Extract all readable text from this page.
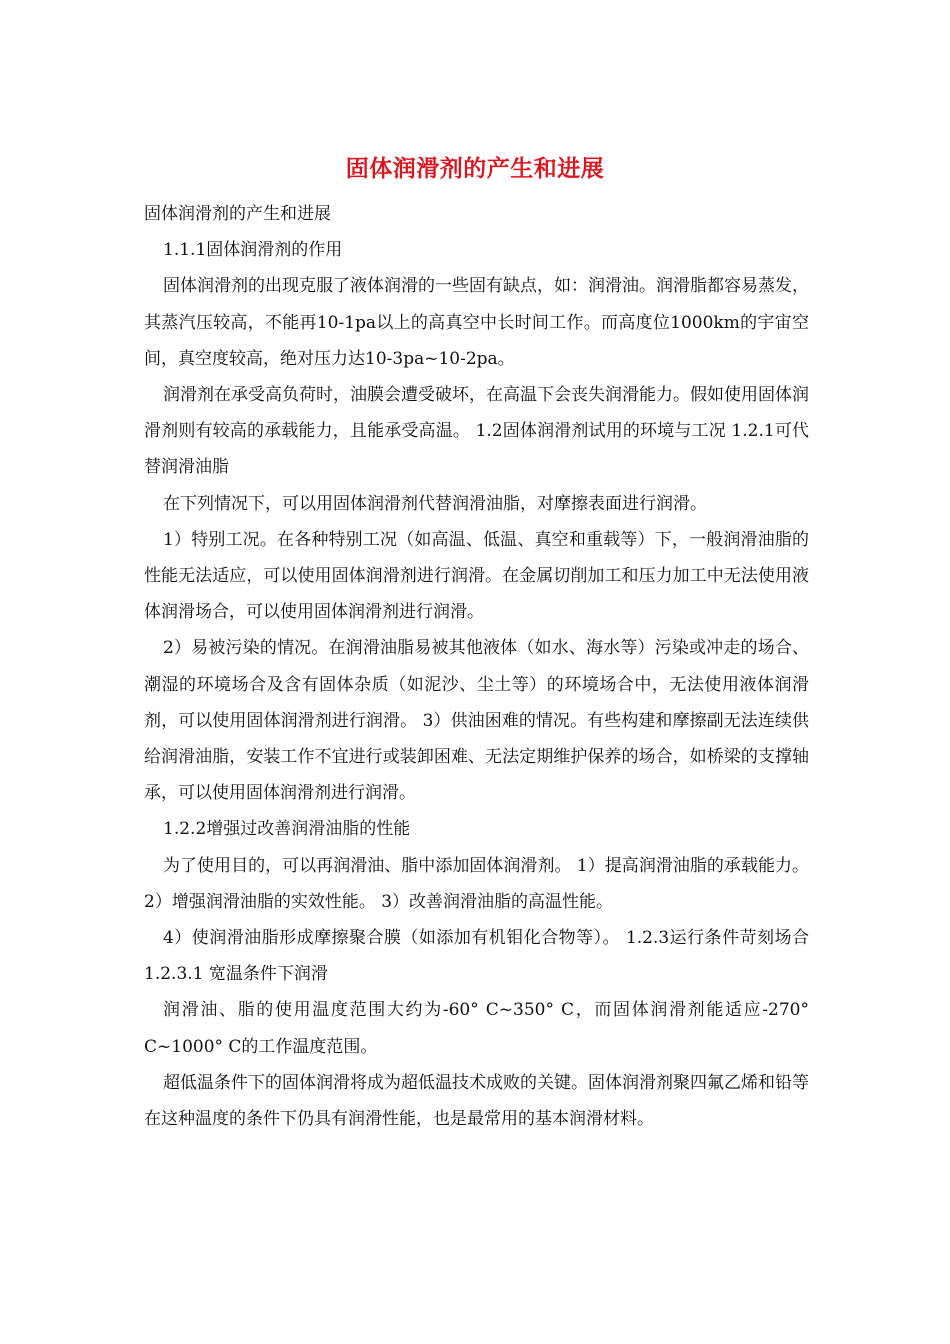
固体润滑剂的产生和进展

固体润滑剂的产生和进展

1.1.1固体润滑剂的作用

固体润滑剂的出现克服了液体润滑的一些固有缺点，如：润滑油。润滑脂都容易蒸发，其蒸汽压较高，不能再10-1pa以上的高真空中长时间工作。而高度位1000km的宇宙空间，真空度较高，绝对压力达10-3pa~10-2pa。

润滑剂在承受高负荷时，油膜会遭受破坏，在高温下会丧失润滑能力。假如使用固体润滑剂则有较高的承载能力，且能承受高温。 1.2固体润滑剂试用的环境与工况 1.2.1可代替润滑油脂

在下列情况下，可以用固体润滑剂代替润滑油脂，对摩擦表面进行润滑。

1）特别工况。在各种特别工况（如高温、低温、真空和重载等）下，一般润滑油脂的性能无法适应，可以使用固体润滑剂进行润滑。在金属切削加工和压力加工中无法使用液体润滑场合，可以使用固体润滑剂进行润滑。

2）易被污染的情况。在润滑油脂易被其他液体（如水、海水等）污染或冲走的场合、潮湿的环境场合及含有固体杂质（如泥沙、尘土等）的环境场合中，无法使用液体润滑剂，可以使用固体润滑剂进行润滑。 3）供油困难的情况。有些构建和摩擦副无法连续供给润滑油脂，安装工作不宜进行或装卸困难、无法定期维护保养的场合，如桥梁的支撑轴承，可以使用固体润滑剂进行润滑。

1.2.2增强过改善润滑油脂的性能

为了使用目的，可以再润滑油、脂中添加固体润滑剂。 1）提高润滑油脂的承载能力。 2）增强润滑油脂的实效性能。 3）改善润滑油脂的高温性能。

4）使润滑油脂形成摩擦聚合膜（如添加有机钼化合物等）。 1.2.3运行条件苛刻场合 1.2.3.1 宽温条件下润滑

润滑油、脂的使用温度范围大约为-60° C~350° C，而固体润滑剂能适应-270° C~1000° C的工作温度范围。

超低温条件下的固体润滑将成为超低温技术成败的关键。固体润滑剂聚四氟乙烯和铅等在这种温度的条件下仍具有润滑性能，也是最常用的基本润滑材料。
